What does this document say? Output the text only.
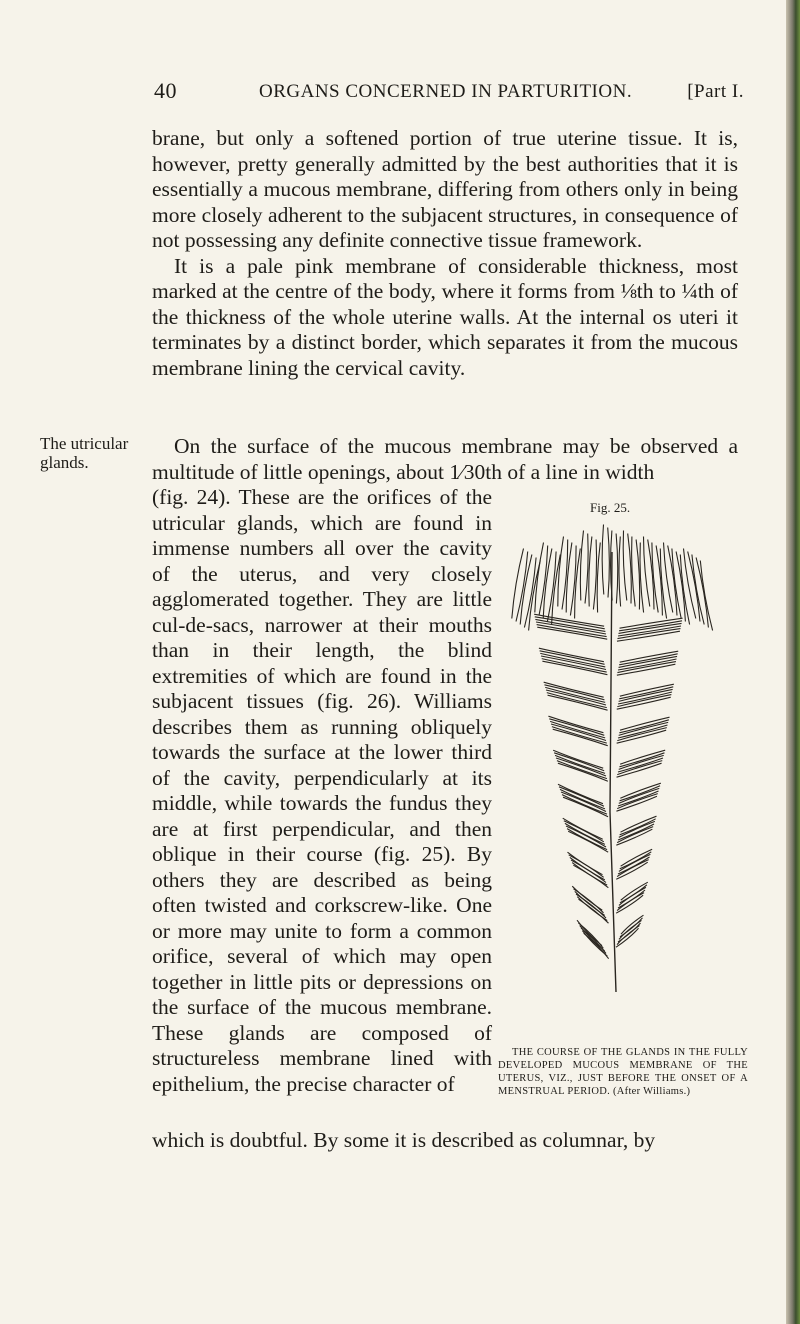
40	ORGANS CONCERNED IN PARTURITION.	[Part I.

brane, but only a softened portion of true uterine tissue. It is, however, pretty generally admitted by the best authorities that it is essentially a mucous membrane, differing from others only in being more closely adherent to the subjacent structures, in consequence of not possessing any definite connective tissue framework.

It is a pale pink membrane of considerable thickness, most marked at the centre of the body, where it forms from ⅛th to ¼th of the thickness of the whole uterine walls. At the internal os uteri it terminates by a distinct border, which separates it from the mucous membrane lining the cervical cavity.

The utricular glands.
On the surface of the mucous membrane may be observed a multitude of little openings, about 1⁄30th of a line in width
(fig. 24). These are the orifices of the utricular glands, which are found in immense numbers all over the cavity of the uterus, and very closely agglomerated together. They are little cul-de-sacs, narrower at their mouths than in their length, the blind extremities of which are found in the subjacent tissues (fig. 26). Williams describes them as running obliquely towards the surface at the lower third of the cavity, perpendicularly at its middle, while towards the fundus they are at first perpendicular, and then oblique in their course (fig. 25). By others they are described as being often twisted and corkscrew-like. One or more may unite to form a common orifice, several of which may open together in little pits or depressions on the surface of the mucous membrane. These glands are composed of structureless membrane lined with epithelium, the precise character of
which is doubtful. By some it is described as columnar, by
Fig. 25.
THE COURSE OF THE GLANDS IN THE FULLY DEVELOPED MUCOUS MEMBRANE OF THE UTERUS, VIZ., JUST BEFORE THE ONSET OF A MENSTRUAL PERIOD. (After Williams.)
